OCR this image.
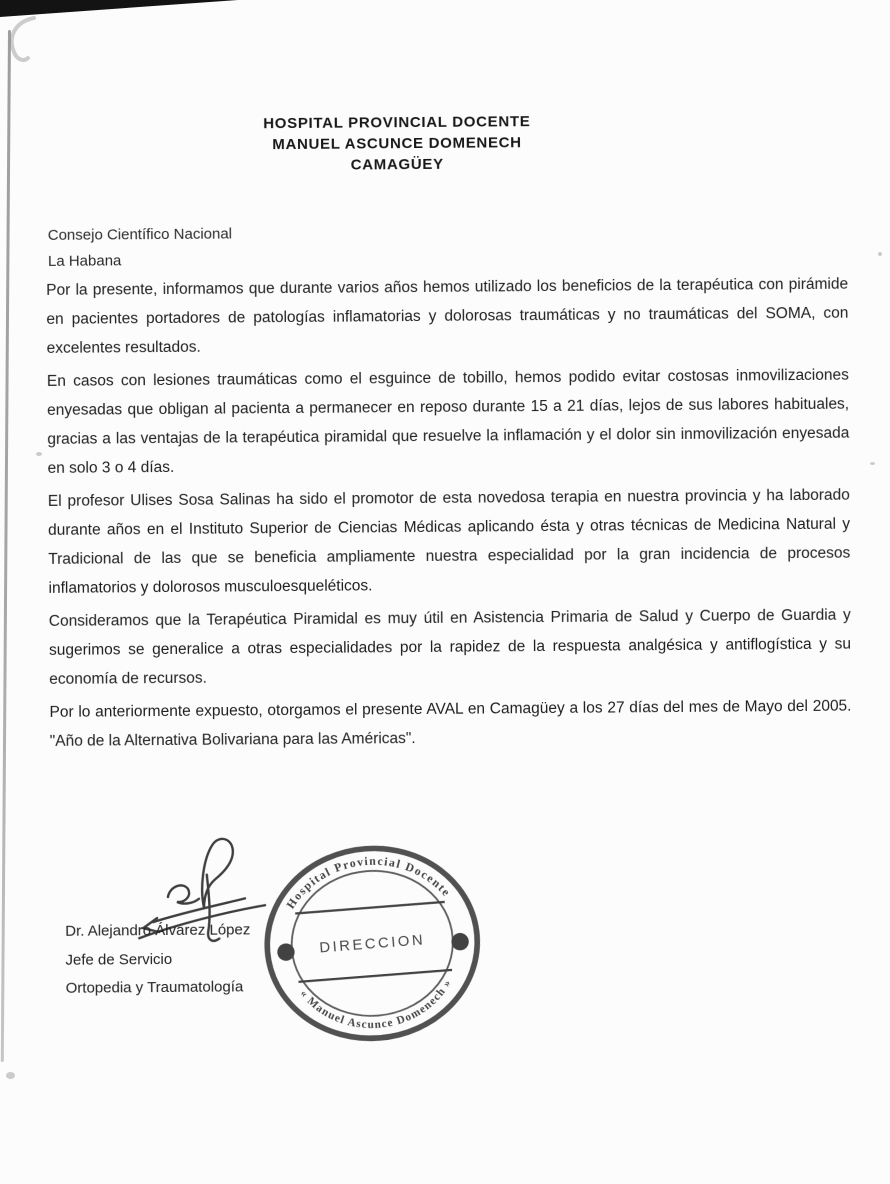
HOSPITAL PROVINCIAL DOCENTE
MANUEL ASCUNCE DOMENECH
CAMAGÜEY
Consejo Científico Nacional
La Habana

Por la presente, informamos que durante varios años hemos utilizado los beneficios de la terapéutica con pirámide en pacientes portadores de patologías inflamatorias y dolorosas traumáticas y no traumáticas del SOMA, con excelentes resultados.

En casos con lesiones traumáticas como el esguince de tobillo, hemos podido evitar costosas inmovilizaciones enyesadas que obligan al pacienta a permanecer en reposo durante 15 a 21 días, lejos de sus labores habituales, gracias a las ventajas de la terapéutica piramidal que resuelve la inflamación y el dolor sin inmovilización enyesada en solo 3 o 4 días.

El profesor Ulises Sosa Salinas ha sido el promotor de esta novedosa terapia en nuestra provincia y ha laborado durante años en el Instituto Superior de Ciencias Médicas aplicando ésta y otras técnicas de Medicina Natural y Tradicional de las que se beneficia ampliamente nuestra especialidad por la gran incidencia de procesos inflamatorios y dolorosos musculoesqueléticos.

Consideramos que la Terapéutica Piramidal es muy útil en Asistencia Primaria de Salud y Cuerpo de Guardia y sugerimos se generalice a otras especialidades por la rapidez de la respuesta analgésica y antiflogística y su economía de recursos.

Por lo anteriormente expuesto, otorgamos el presente AVAL en Camagüey a los 27 días del mes de Mayo del 2005. "Año de la Alternativa Bolivariana para las Américas".

Dr. Alejandro Álvarez López
Jefe de Servicio
Ortopedia y Traumatología
Hospital Provincial Docente
« Manuel Ascunce Domenech »
DIRECCION
